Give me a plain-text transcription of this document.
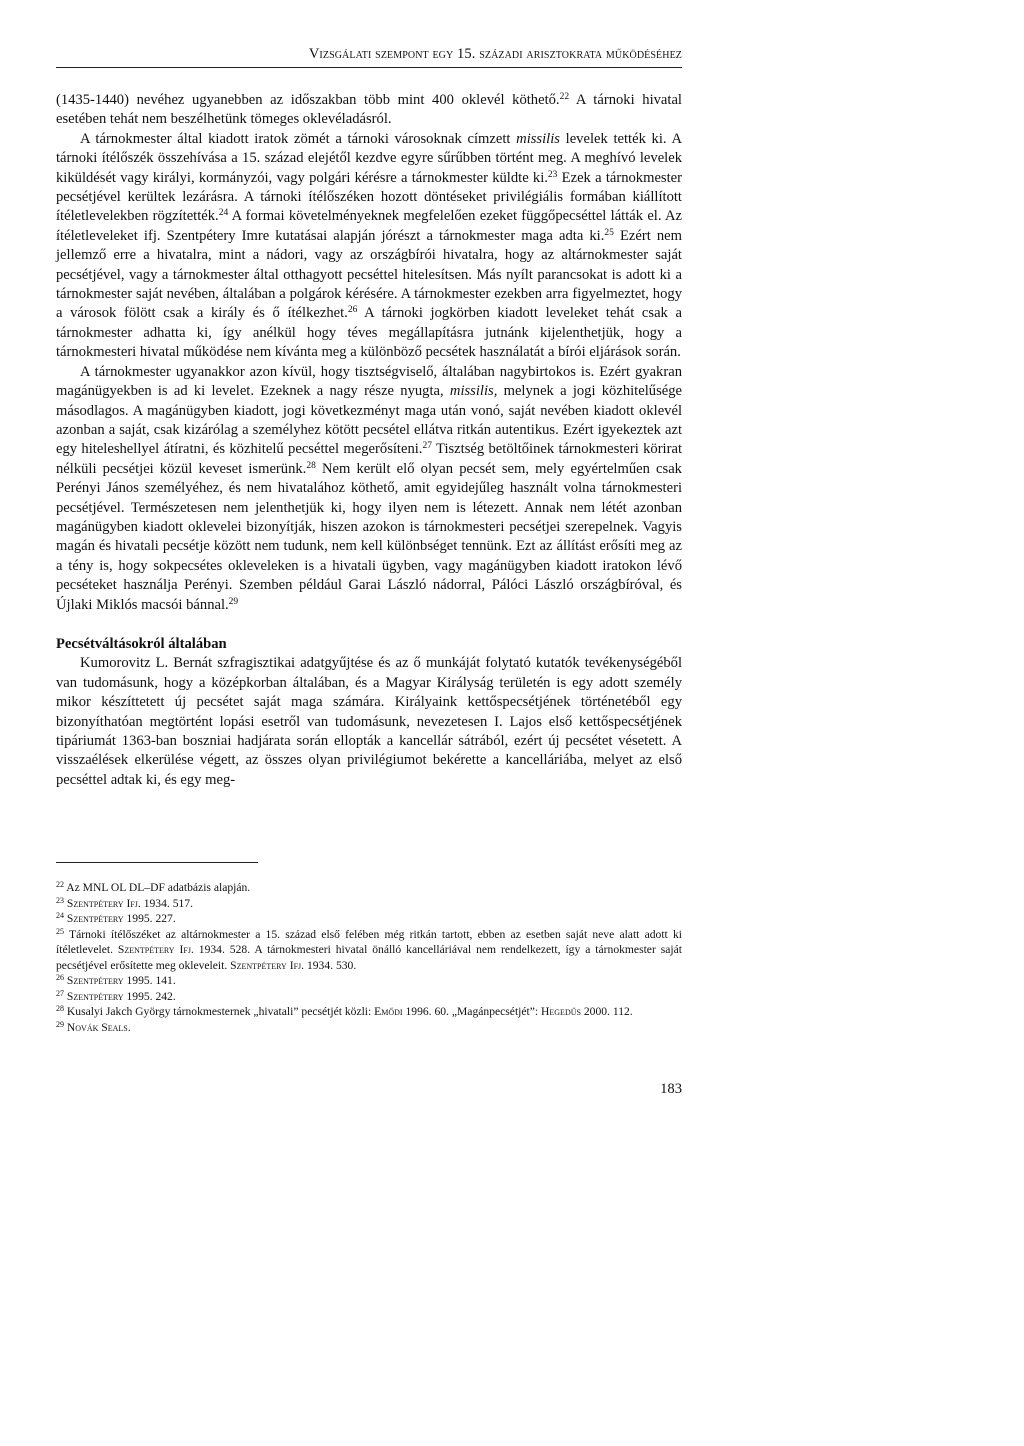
Vizsgálati szempont egy 15. századi arisztokrata működéséhez

(1435-1440) nevéhez ugyanebben az időszakban több mint 400 oklevél köthető.$^{22}$ A tárnoki hivatal esetében tehát nem beszélhetünk tömeges oklevéladásról.

A tárnokmester által kiadott iratok zömét a tárnoki városoknak címzett missilis levelek tették ki. A tárnoki ítélőszék összehívása a 15. század elejétől kezdve egyre sűrűbben történt meg. A meghívó levelek kiküldését vagy királyi, kormányzói, vagy polgári kérésre a tárnokmester küldte ki.$^{23}$ Ezek a tárnokmester pecsétjével kerültek lezárásra. A tárnoki ítélőszéken hozott döntéseket privilégiális formában kiállított ítéletlevelekben rögzítették.$^{24}$ A formai követelményeknek megfelelően ezeket függőpecséttel látták el. Az ítéletleveleket ifj. Szentpétery Imre kutatásai alapján jórészt a tárnokmester maga adta ki.$^{25}$ Ezért nem jellemző erre a hivatalra, mint a nádori, vagy az országbírói hivatalra, hogy az altárnokmester saját pecsétjével, vagy a tárnokmester által otthagyott pecséttel hitelesítsen. Más nyílt parancsokat is adott ki a tárnokmester saját nevében, általában a polgárok kérésére. A tárnokmester ezekben arra figyelmeztet, hogy a városok fölött csak a király és ő ítélkezhet.$^{26}$ A tárnoki jogkörben kiadott leveleket tehát csak a tárnokmester adhatta ki, így anélkül hogy téves megállapításra jutnánk kijelenthetjük, hogy a tárnokmesteri hivatal működése nem kívánta meg a különböző pecsétek használatát a bírói eljárások során.

A tárnokmester ugyanakkor azon kívül, hogy tisztségviselő, általában nagybirtokos is. Ezért gyakran magánügyekben is ad ki levelet. Ezeknek a nagy része nyugta, missilis, melynek a jogi közhitelűsége másodlagos. A magánügyben kiadott, jogi következményt maga után vonó, saját nevében kiadott oklevél azonban a saját, csak kizárólag a személyhez kötött pecsétel ellátva ritkán autentikus. Ezért igyekeztek azt egy hiteleshellyel átíratni, és közhitelű pecséttel megerősíteni.$^{27}$ Tisztség betöltőinek tárnokmesteri körirat nélküli pecsétjei közül keveset ismerünk.$^{28}$ Nem került elő olyan pecsét sem, mely egyértelműen csak Perényi János személyéhez, és nem hivatalához köthető, amit egyidejűleg használt volna tárnokmesteri pecsétjével. Természetesen nem jelenthetjük ki, hogy ilyen nem is létezett. Annak nem létét azonban magánügyben kiadott oklevelei bizonyítják, hiszen azokon is tárnokmesteri pecsétjei szerepelnek. Vagyis magán és hivatali pecsétje között nem tudunk, nem kell különbséget tennünk. Ezt az állítást erősíti meg az a tény is, hogy sokpecsétes okleveleken is a hivatali ügyben, vagy magánügyben kiadott iratokon lévő pecséteket használja Perényi. Szemben például Garai László nádorral, Pálóci László országbíróval, és Újlaki Miklós macsói bánnal.$^{29}$

Pecsétváltásokról általában

Kumorovitz L. Bernát szfragisztikai adatgyűjtése és az ő munkáját folytató kutatók tevékenységéből van tudomásunk, hogy a középkorban általában, és a Magyar Királyság területén is egy adott személy mikor készíttetett új pecsétet saját maga számára. Királyaink kettőspecsétjének történetéből egy bizonyíthatóan megtörtént lopási esetről van tudomásunk, nevezetesen I. Lajos első kettőspecsétjének tipáriumát 1363-ban boszniai hadjárata során ellopták a kancellár sátrából, ezért új pecsétet vésetett. A visszaélések elkerülése végett, az összes olyan privilégiumot bekérette a kancelláriába, melyet az első pecséttel adtak ki, és egy meg-

$^{22}$ Az MNL OL DL–DF adatbázis alapján.

$^{23}$ Szentpétery Ifj. 1934. 517.

$^{24}$ Szentpétery 1995. 227.

$^{25}$ Tárnoki ítélőszéket az altárnokmester a 15. század első felében még ritkán tartott, ebben az esetben saját neve alatt adott ki ítéletlevelet. Szentpétery Ifj. 1934. 528. A tárnokmesteri hivatal önálló kancelláriával nem rendelkezett, így a tárnokmester saját pecsétjével erősítette meg okleveleit. Szentpétery Ifj. 1934. 530.

$^{26}$ Szentpétery 1995. 141.

$^{27}$ Szentpétery 1995. 242.

$^{28}$ Kusalyi Jakch György tárnokmesternek „hivatali” pecsétjét közli: Emődi 1996. 60. „Magánpecsétjét”: Hegedűs 2000. 112.

$^{29}$ Novák Seals.

183
